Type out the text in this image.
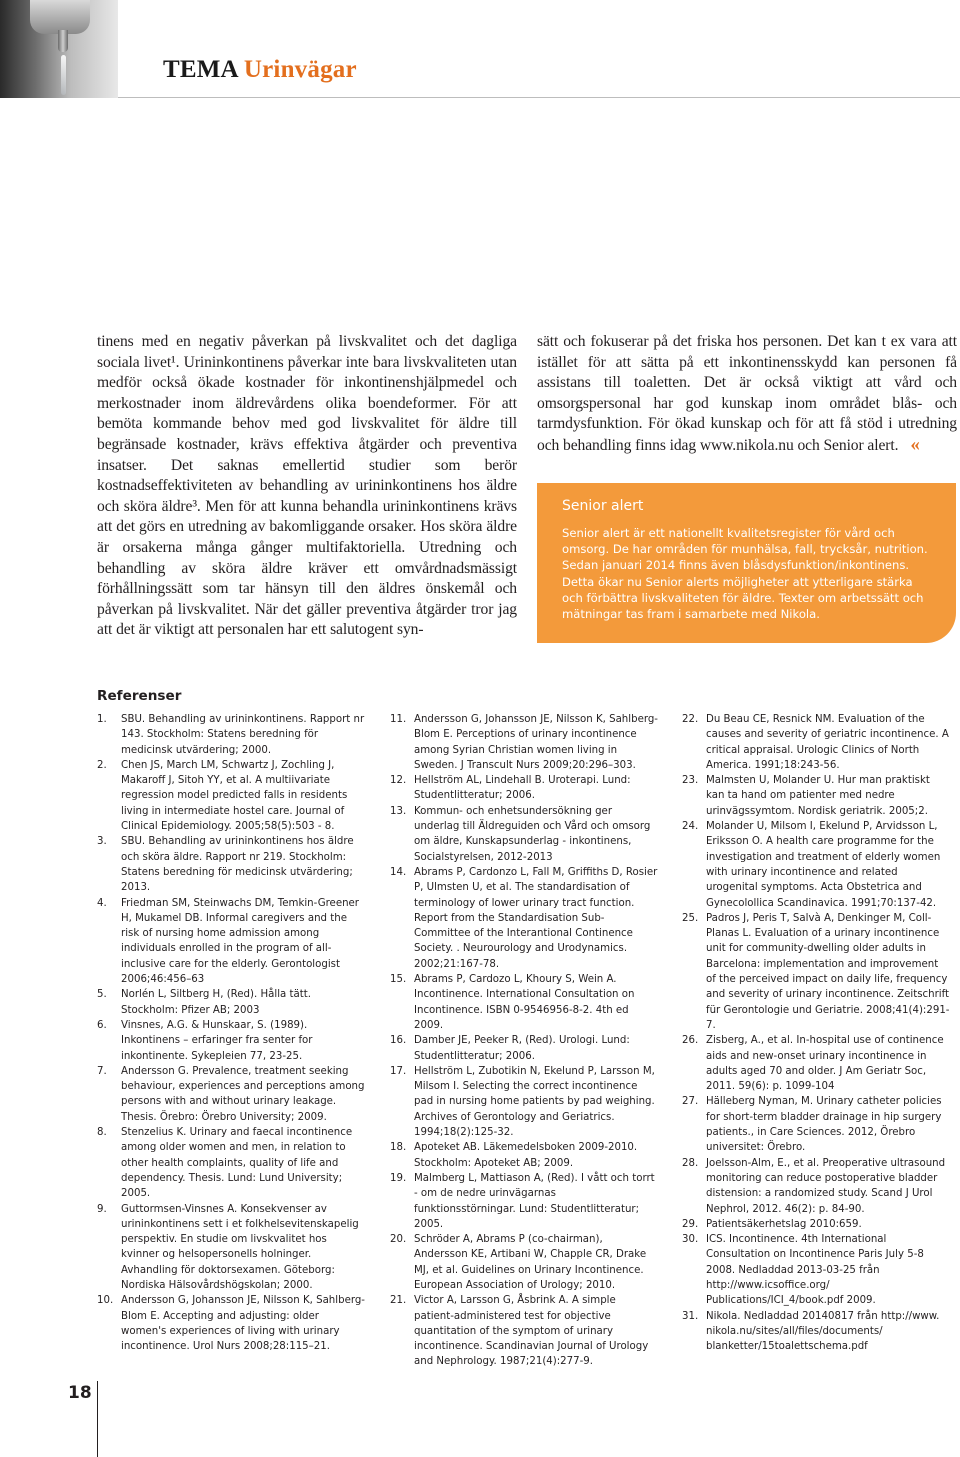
TEMA Urinvägar

tinens med en negativ påverkan på livskvalitet och det dagliga sociala livet¹. Urininkontinens påverkar inte bara livskvaliteten utan medför också ökade kostnader för inkontinenshjälpmedel och merkostnader inom äldrevårdens olika boendeformer. För att bemöta kommande behov med god livskvalitet för äldre till begränsade kostnader, krävs effektiva åtgärder och preventiva insatser. Det saknas emellertid studier som berör kostnadseffektiviteten av behandling av urininkontinens hos äldre och sköra äldre³. Men för att kunna behandla urininkontinens krävs att det görs en utredning av bakomliggande orsaker. Hos sköra äldre är orsakerna många gånger multifaktoriella. Utredning och behandling av sköra äldre kräver ett omvårdnadsmässigt förhållningssätt som tar hänsyn till den äldres önskemål och påverkan på livskvalitet. När det gäller preventiva åtgärder tror jag att det är viktigt att personalen har ett salutogent syn-

sätt och fokuserar på det friska hos personen. Det kan t ex vara att istället för att sätta på ett inkontinensskydd kan personen få assistans till toaletten. Det är också viktigt att vård och omsorgspersonal har god kunskap inom området blås- och tarmdysfunktion. För ökad kunskap och för att få stöd i utredning och behandling finns idag www.nikola.nu och Senior alert. «

Senior alert

Senior alert är ett nationellt kvalitetsregister för vård och omsorg. De har områden för munhälsa, fall, trycksår, nutrition. Sedan januari 2014 finns även blåsdysfunktion/inkontinens. Detta ökar nu Senior alerts möjligheter att ytterligare stärka och förbättra livskvaliteten för äldre. Texter om arbetssätt och mätningar tas fram i samarbete med Nikola.

Referenser
1. SBU. Behandling av urininkontinens. Rapport nr 143. Stockholm: Statens beredning för medicinsk utvärdering; 2000.
2. Chen JS, March LM, Schwartz J, Zochling J, Makaroff J, Sitoh YY, et al. A multiivariate regression model predicted falls in residents living in intermediate hostel care. Journal of Clinical Epidemiology. 2005;58(5):503 - 8.
3. SBU. Behandling av urininkontinens hos äldre och sköra äldre. Rapport nr 219. Stockholm: Statens beredning för medicinsk utvärdering; 2013.
4. Friedman SM, Steinwachs DM, Temkin-Greener H, Mukamel DB. Informal caregivers and the risk of nursing home admission among individuals enrolled in the program of all-inclusive care for the elderly. Gerontologist 2006;46:456–63
5. Norlén L, Siltberg H, (Red). Hålla tätt. Stockholm: Pfizer AB; 2003
6. Vinsnes, A.G. & Hunskaar, S. (1989). Inkontinens – erfaringer fra senter for inkontinente. Sykepleien 77, 23-25.
7. Andersson G. Prevalence, treatment seeking behaviour, experiences and perceptions among persons with and without urinary leakage. Thesis. Örebro: Örebro University; 2009.
8. Stenzelius K. Urinary and faecal incontinence among older women and men, in relation to other health complaints, quality of life and dependency. Thesis. Lund: Lund University; 2005.
9. Guttormsen-Vinsnes A. Konsekvenser av urininkontinens sett i et folkhelsevitenskapelig perspektiv. En studie om livskvalitet hos kvinner og helsopersonells holninger. Avhandling för doktorsexamen. Göteborg: Nordiska Hälsovårdshögskolan; 2000.
10. Andersson G, Johansson JE, Nilsson K, Sahlberg-Blom E. Accepting and adjusting: older women's experiences of living with urinary incontinence. Urol Nurs 2008;28:115–21.
11. Andersson G, Johansson JE, Nilsson K, Sahlberg-Blom E. Perceptions of urinary incontinence among Syrian Christian women living in Sweden. J Transcult Nurs 2009;20:296–303.
12. Hellström AL, Lindehall B. Uroterapi. Lund: Studentlitteratur; 2006.
13. Kommun- och enhetsundersökning ger underlag till Äldreguiden och Vård och omsorg om äldre, Kunskapsunderlag - inkontinens, Socialstyrelsen, 2012-2013
14. Abrams P, Cardonzo L, Fall M, Griffiths D, Rosier P, Ulmsten U, et al. The standardisation of terminology of lower urinary tract function. Report from the Standardisation Sub-Committee of the Interantional Continence Society. . Neurourology and Urodynamics. 2002;21:167-78.
15. Abrams P, Cardozo L, Khoury S, Wein A. Incontinence. International Consultation on Incontinence. ISBN 0-9546956-8-2. 4th ed 2009.
16. Damber JE, Peeker R, (Red). Urologi. Lund: Studentlitteratur; 2006.
17. Hellström L, Zubotikin N, Ekelund P, Larsson M, Milsom I. Selecting the correct incontinence pad in nursing home patients by pad weighing. Archives of Gerontology and Geriatrics. 1994;18(2):125-32.
18. Apoteket AB. Läkemedelsboken 2009-2010. Stockholm: Apoteket AB; 2009.
19. Malmberg L, Mattiason A, (Red). I vått och torrt - om de nedre urinvägarnas funktionsstörningar. Lund: Studentlitteratur; 2005.
20. Schröder A, Abrams P (co-chairman), Andersson KE, Artibani W, Chapple CR, Drake MJ, et al. Guidelines on Urinary Incontinence. European Association of Urology; 2010.
21. Victor A, Larsson G, Åsbrink A. A simple patient-administered test for objective quantitation of the symptom of urinary incontinence. Scandinavian Journal of Urology and Nephrology. 1987;21(4):277-9.
22. Du Beau CE, Resnick NM. Evaluation of the causes and severity of geriatric incontinence. A critical appraisal. Urologic Clinics of North America. 1991;18:243-56.
23. Malmsten U, Molander U. Hur man praktiskt kan ta hand om patienter med nedre urinvägssymtom. Nordisk geriatrik. 2005;2.
24. Molander U, Milsom I, Ekelund P, Arvidsson L, Eriksson O. A health care programme for the investigation and treatment of elderly women with urinary incontinence and related urogenital symptoms. Acta Obstetrica and Gynecolollica Scandinavica. 1991;70:137-42.
25. Padros J, Peris T, Salvà A, Denkinger M, Coll-Planas L. Evaluation of a urinary incontinence unit for community-dwelling older adults in Barcelona: implementation and improvement of the perceived impact on daily life, frequency and severity of urinary incontinence. Zeitschrift für Gerontologie und Geriatrie. 2008;41(4):291-7.
26. Zisberg, A., et al. In-hospital use of continence aids and new-onset urinary incontinence in adults aged 70 and older. J Am Geriatr Soc, 2011. 59(6): p. 1099-104
27. Hälleberg Nyman, M. Urinary catheter policies for short-term bladder drainage in hip surgery patients., in Care Sciences. 2012, Örebro universitet: Örebro.
28. Joelsson-Alm, E., et al. Preoperative ultrasound monitoring can reduce postoperative bladder distension: a randomized study. Scand J Urol Nephrol, 2012. 46(2): p. 84-90.
29. Patientsäkerhetslag 2010:659.
30. ICS. Incontinence. 4th International Consultation on Incontinence Paris July 5-8 2008. Nedladdad 2013-03-25 från http://www.icsoffice.org/ Publications/ICI_4/book.pdf 2009.
31. Nikola. Nedladdad 20140817 från http://www. nikola.nu/sites/all/files/documents/ blanketter/15toalettschema.pdf

18
